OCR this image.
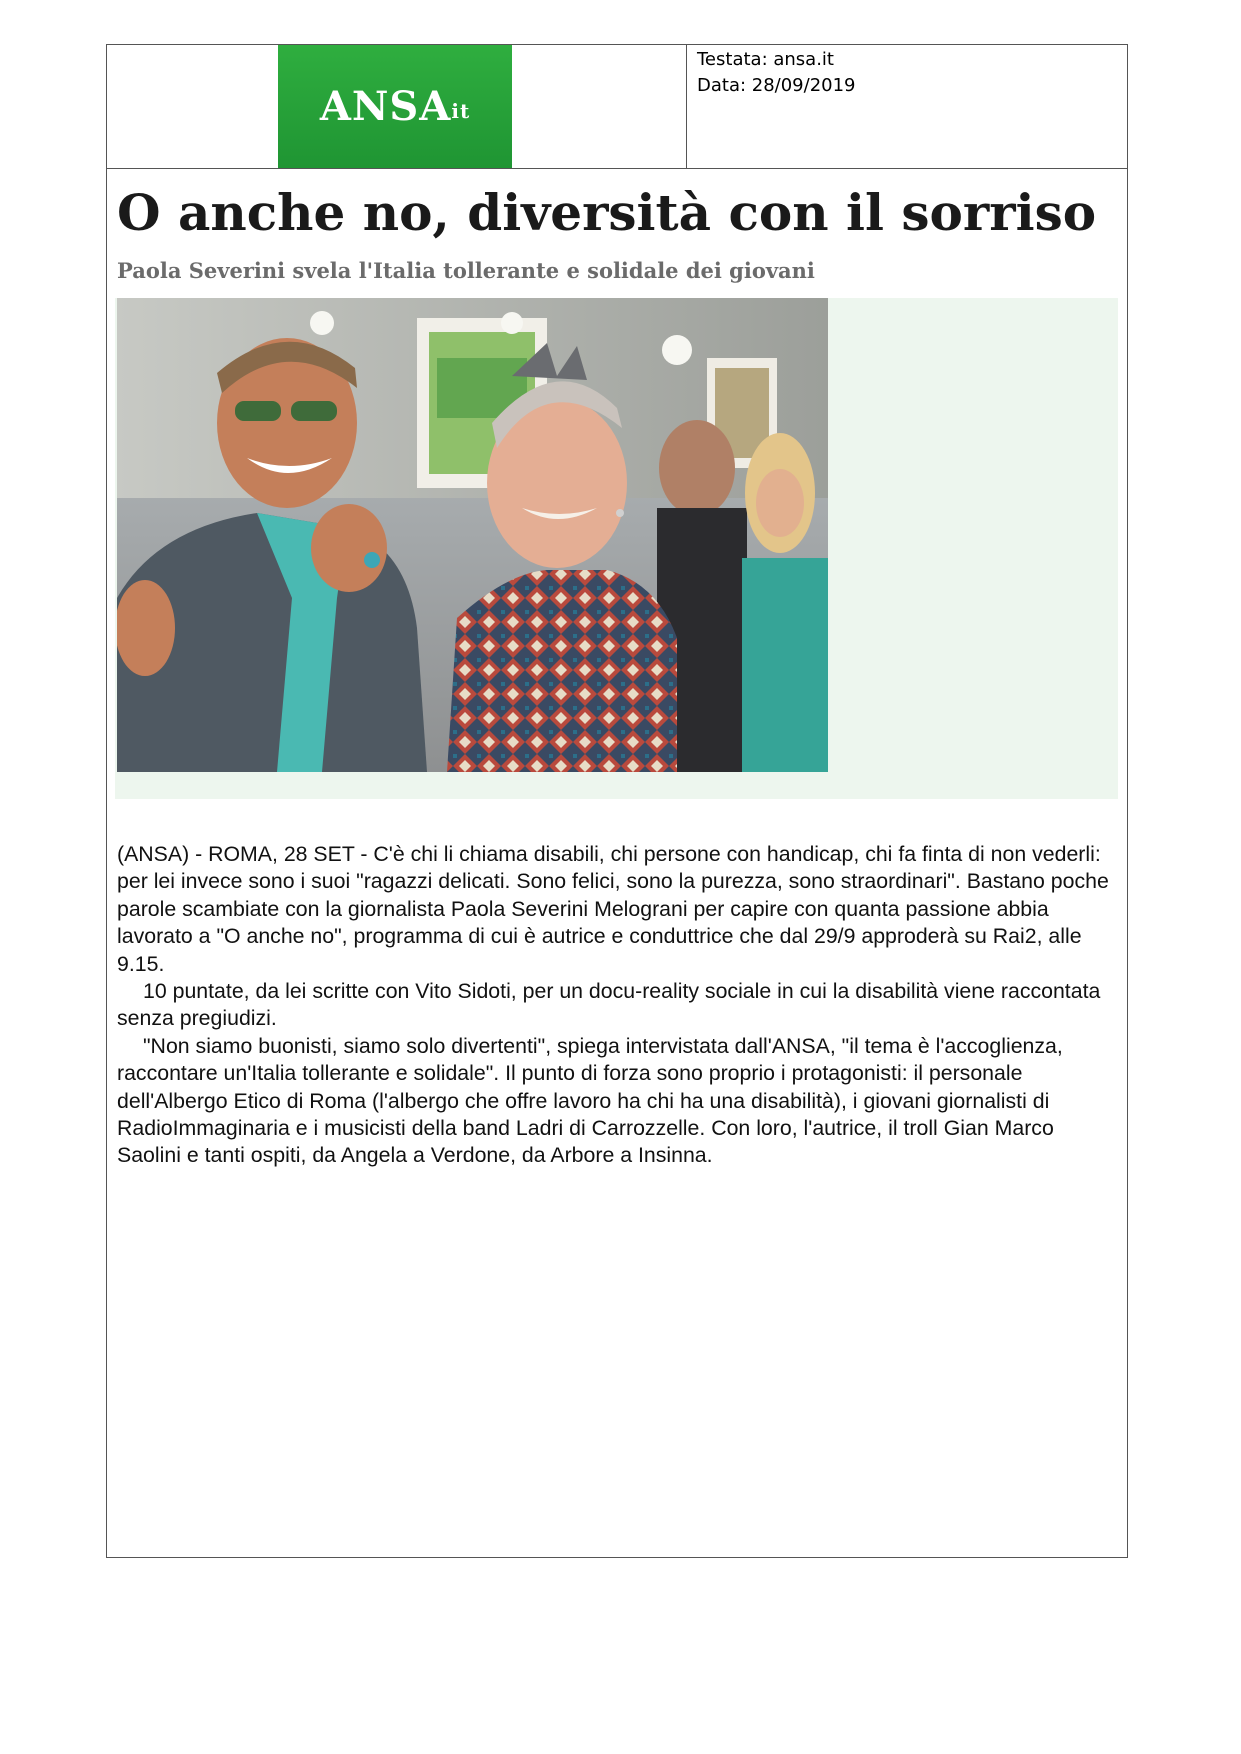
ANSAit
Testata: ansa.it
Data: 28/09/2019
O anche no, diversità con il sorriso
Paola Severini svela l'Italia tollerante e solidale dei giovani

(ANSA) - ROMA, 28 SET - C'è chi li chiama disabili, chi persone con handicap, chi fa finta di non vederli: per lei invece sono i suoi "ragazzi delicati. Sono felici, sono la purezza, sono straordinari". Bastano poche parole scambiate con la giornalista Paola Severini Melograni per capire con quanta passione abbia lavorato a "O anche no", programma di cui è autrice e conduttrice che dal 29/9 approderà su Rai2, alle 9.15.

10 puntate, da lei scritte con Vito Sidoti, per un docu-reality sociale in cui la disabilità viene raccontata senza pregiudizi.

"Non siamo buonisti, siamo solo divertenti", spiega intervistata dall'ANSA, "il tema è l'accoglienza, raccontare un'Italia tollerante e solidale". Il punto di forza sono proprio i protagonisti: il personale dell'Albergo Etico di Roma (l'albergo che offre lavoro ha chi ha una disabilità), i giovani giornalisti di RadioImmaginaria e i musicisti della band Ladri di Carrozzelle. Con loro, l'autrice, il troll Gian Marco Saolini e tanti ospiti, da Angela a Verdone, da Arbore a Insinna.
